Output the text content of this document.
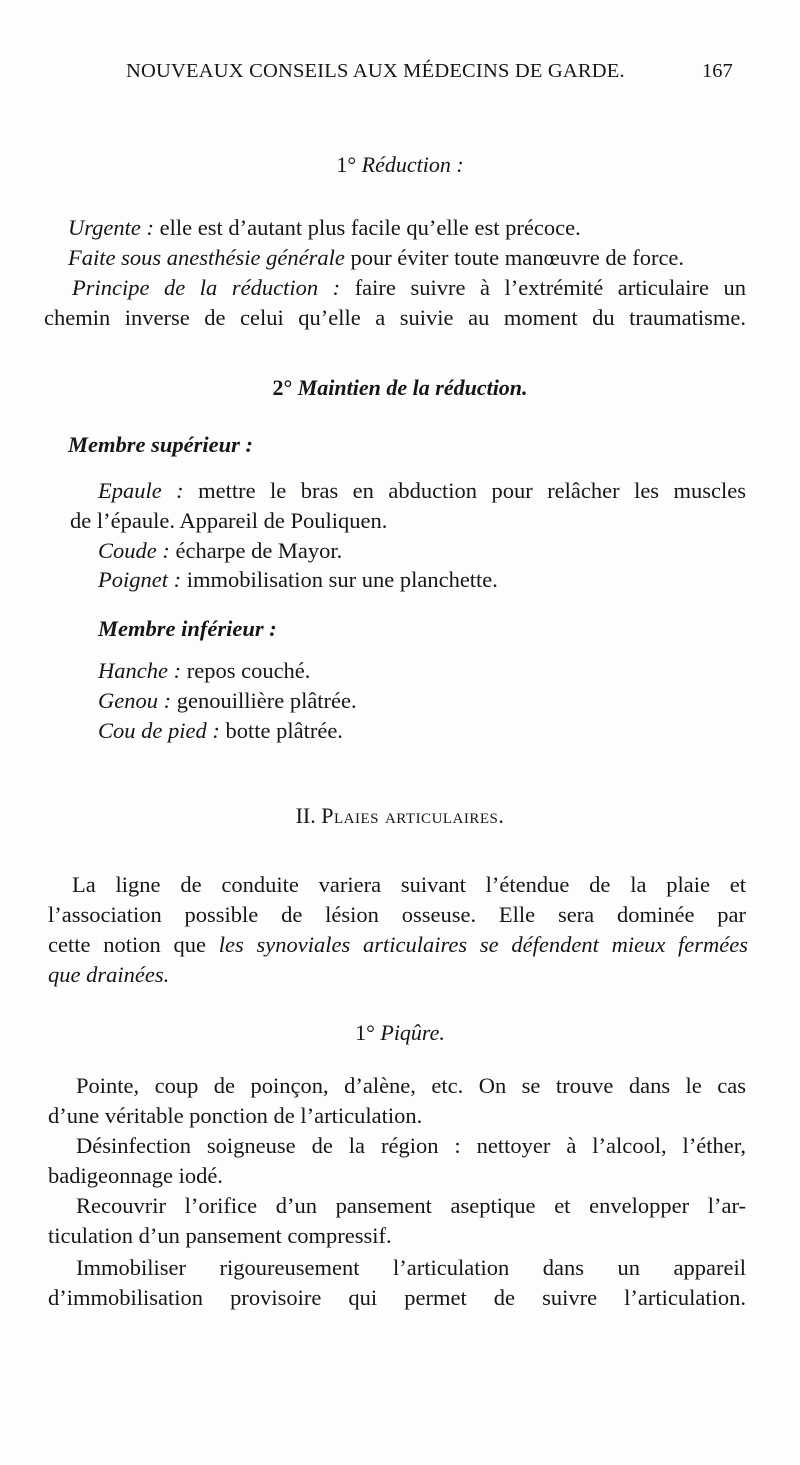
NOUVEAUX CONSEILS AUX MÉDECINS DE GARDE.	167
1° Réduction :
Urgente : elle est d’autant plus facile qu’elle est précoce.
Faite sous anesthésie générale pour éviter toute manœuvre de force.
Principe de la réduction : faire suivre à l’extrémité articulaire un
chemin inverse de celui qu’elle a suivie au moment du traumatisme.
2° Maintien de la réduction.
Membre supérieur :
Epaule : mettre le bras en abduction pour relâcher les muscles
de l’épaule. Appareil de Pouliquen.
Coude : écharpe de Mayor.
Poignet : immobilisation sur une planchette.
Membre inférieur :
Hanche : repos couché.
Genou : genouillière plâtrée.
Cou de pied : botte plâtrée.
II. Plaies articulaires.
La ligne de conduite variera suivant l’étendue de la plaie et
l’association possible de lésion osseuse. Elle sera dominée par
cette notion que les synoviales articulaires se défendent mieux fermées
que drainées.
1° Piqûre.
Pointe, coup de poinçon, d’alène, etc. On se trouve dans le cas
d’une véritable ponction de l’articulation.
Désinfection soigneuse de la région : nettoyer à l’alcool, l’éther,
badigeonnage iodé.
Recouvrir l’orifice d’un pansement aseptique et envelopper l’ar-
ticulation d’un pansement compressif.
Immobiliser rigoureusement l’articulation dans un appareil
d’immobilisation provisoire qui permet de suivre l’articulation.
